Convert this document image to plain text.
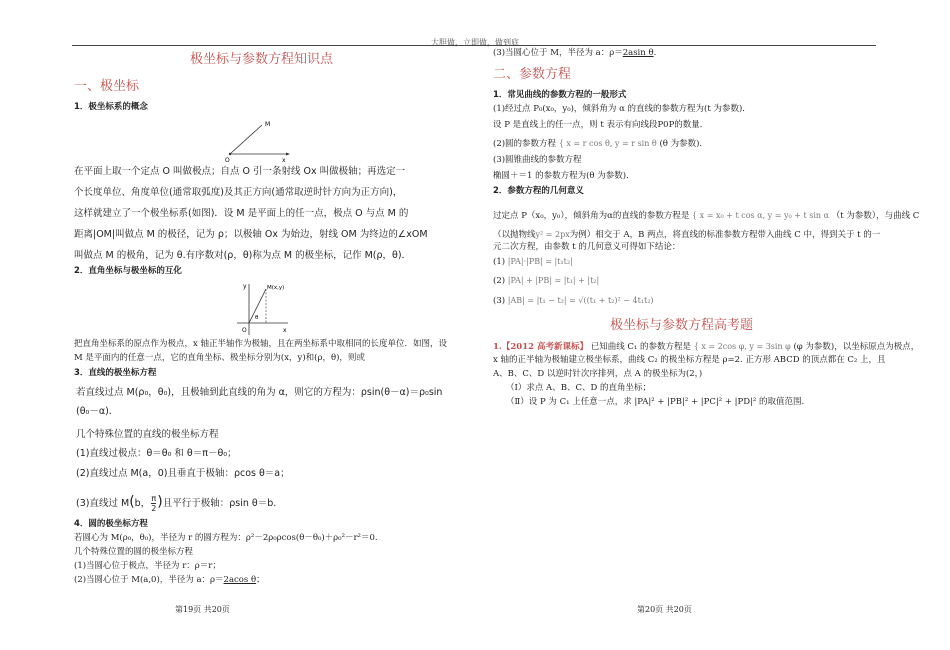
大胆做，立即做，做到底
极坐标与参数方程知识点
一、极坐标
1．极坐标系的概念
M
O	x
在平面上取一个定点 O 叫做极点；自点 O 引一条射线 Ox 叫做极轴；再选定一
个长度单位、角度单位(通常取弧度)及其正方向(通常取逆时针方向为正方向)，
这样就建立了一个极坐标系(如图)．设 M 是平面上的任一点，极点 O 与点 M 的
距离|OM|叫做点 M 的极径，记为 ρ；以极轴 Ox 为始边，射线 OM 为终边的∠xOM
叫做点 M 的极角，记为 θ.有序数对(ρ，θ)称为点 M 的极坐标，记作 M(ρ，θ)．
2．直角坐标与极坐标的互化
y	M(x,y)
θ
O	x
把直角坐标系的原点作为极点，x 轴正半轴作为极轴，且在两坐标系中取相同的长度单位．如图，设
M 是平面内的任意一点，它的直角坐标、极坐标分别为(x，y)和(ρ，θ)，则或
3．直线的极坐标方程
若直线过点 M(ρ₀，θ₀)，且极轴到此直线的角为 α，则它的方程为：ρsin(θ－α)＝ρ₀sin
(θ₀－α)．
几个特殊位置的直线的极坐标方程
(1)直线过极点：θ＝θ₀ 和 θ＝π－θ₀；
(2)直线过点 M(a，0)且垂直于极轴：ρcos θ＝a；
(3)直线过 M(b， $\frac{\pi}{2}$ )且平行于极轴：ρsin θ＝b.
4．圆的极坐标方程
若圆心为 M(ρ₀，θ₀)，半径为 r 的圆方程为：ρ²－2ρ₀ρcos(θ－θ₀)＋ρ₀²－r²＝0.
几个特殊位置的圆的极坐标方程
(1)当圆心位于极点，半径为 r：ρ＝r；
(2)当圆心位于 M(a,0)，半径为 a：ρ＝2acos θ；
第19页 共20页
(3)当圆心位于 M，半径为 a：ρ＝2asin θ.
二、参数方程
1．常见曲线的参数方程的一般形式
(1)经过点 P₀(x₀，y₀)，倾斜角为 α 的直线的参数方程为(t 为参数)．
设 P 是直线上的任一点，则 t 表示有向线段P0P的数量．
(2)圆的参数方程 { x = r cos θ, y = r sin θ (θ 为参数)．
(3)圆锥曲线的参数方程
椭圆＋＝1 的参数方程为(θ 为参数)．
2．参数方程的几何意义
过定点 P（x₀，y₀），倾斜角为α的直线的参数方程是 { x = x₀ + t cos α, y = y₀ + t sin α （t 为参数），与曲线 C
（以抛物线y² = 2px为例）相交于 A，B 两点，将直线的标准参数方程带入曲线 C 中，得到关于 t 的一
元二次方程，由参数 t 的几何意义可得如下结论：
(1) |PA|·|PB| = |t₁t₂|
(2) |PA| + |PB| = |t₁| + |t₂|
(3) |AB| = |t₁ − t₂| = √((t₁ + t₂)² − 4t₁t₂)
极坐标与参数方程高考题
1.【2012 高考新课标】 已知曲线 C₁ 的参数方程是 { x = 2cos φ, y = 3sin φ (φ 为参数)，以坐标原点为极点，
x 轴的正半轴为极轴建立极坐标系，曲线 C₂ 的极坐标方程是 ρ=2. 正方形 ABCD 的顶点都在 C₂ 上，且
A、B、C、D 以逆时针次序排列，点 A 的极坐标为(2，)
（Ⅰ）求点 A、B、C、D 的直角坐标；
（Ⅱ）设 P 为 C₁ 上任意一点，求 |PA|² + |PB|² + |PC|² + |PD|² 的取值范围.
第20页 共20页
